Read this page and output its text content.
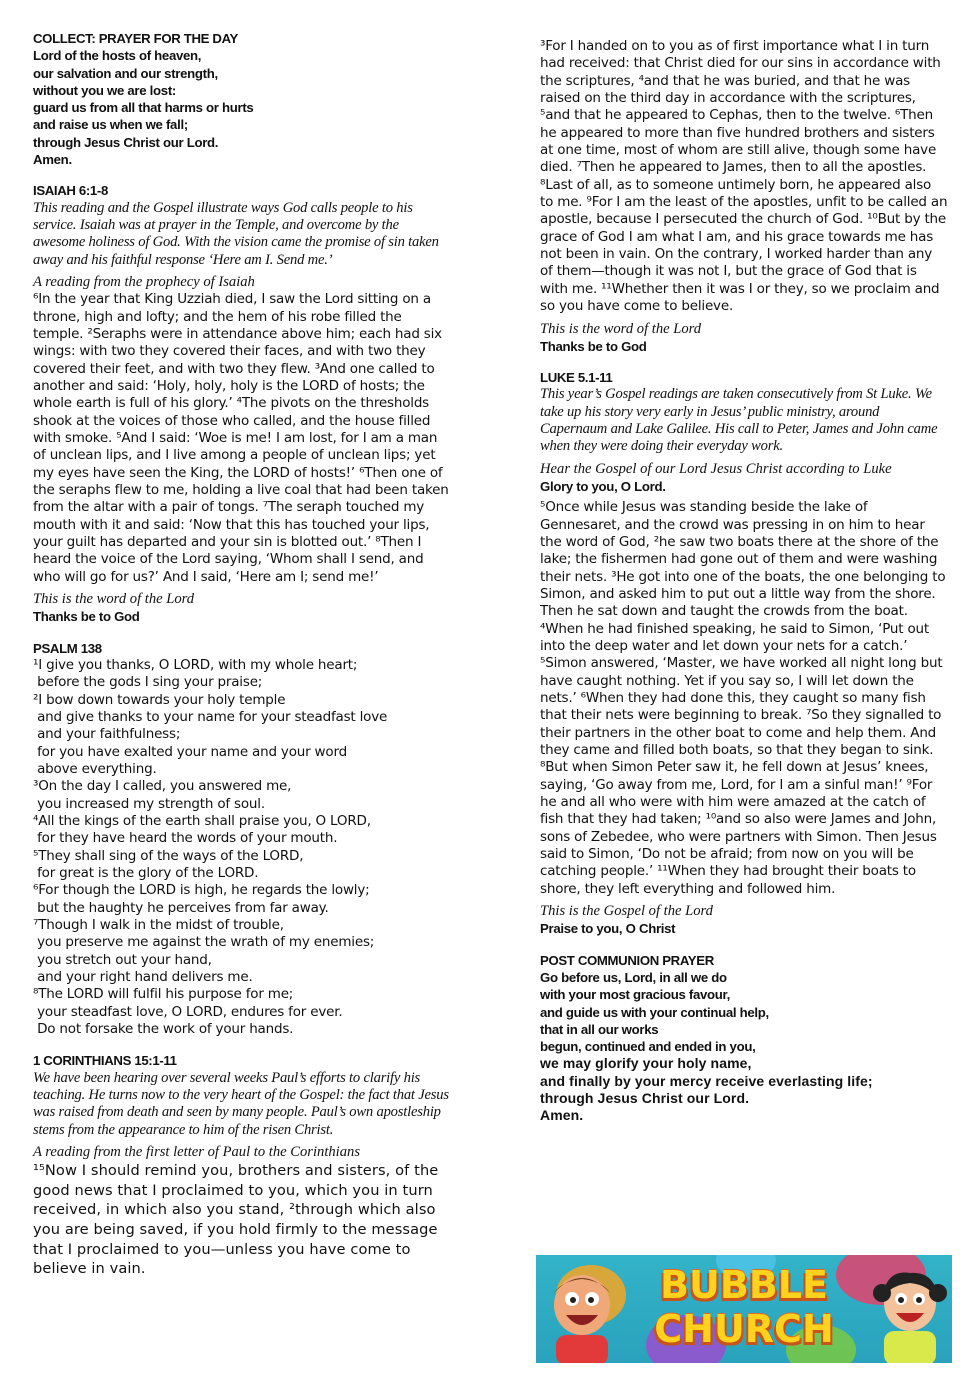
COLLECT: PRAYER FOR THE DAY
Lord of the hosts of heaven,
our salvation and our strength,
without you we are lost:
guard us from all that harms or hurts
and raise us when we fall;
through Jesus Christ our Lord.
Amen.
ISAIAH 6:1-8
This reading and the Gospel illustrate ways God calls people to his service. Isaiah was at prayer in the Temple, and overcome by the awesome holiness of God. With the vision came the promise of sin taken away and his faithful response ‘Here am I. Send me.’
A reading from the prophecy of Isaiah
⁶In the year that King Uzziah died, I saw the Lord sitting on a throne, high and lofty; and the hem of his robe filled the temple. ²Seraphs were in attendance above him; each had six wings: with two they covered their faces, and with two they covered their feet, and with two they flew. ³And one called to another and said: ‘Holy, holy, holy is the LORD of hosts; the whole earth is full of his glory.’ ⁴The pivots on the thresholds shook at the voices of those who called, and the house filled with smoke. ⁵And I said: ‘Woe is me! I am lost, for I am a man of unclean lips, and I live among a people of unclean lips; yet my eyes have seen the King, the LORD of hosts!’ ⁶Then one of the seraphs flew to me, holding a live coal that had been taken from the altar with a pair of tongs. ⁷The seraph touched my mouth with it and said: ‘Now that this has touched your lips, your guilt has departed and your sin is blotted out.’ ⁸Then I heard the voice of the Lord saying, ‘Whom shall I send, and who will go for us?’ And I said, ‘Here am I; send me!’
This is the word of the Lord
Thanks be to God
PSALM 138
¹I give you thanks, O LORD, with my whole heart;
before the gods I sing your praise;
²I bow down towards your holy temple
and give thanks to your name for your steadfast love
and your faithfulness;
for you have exalted your name and your word
above everything.
³On the day I called, you answered me,
you increased my strength of soul.
⁴All the kings of the earth shall praise you, O LORD,
for they have heard the words of your mouth.
⁵They shall sing of the ways of the LORD,
for great is the glory of the LORD.
⁶For though the LORD is high, he regards the lowly;
but the haughty he perceives from far away.
⁷Though I walk in the midst of trouble,
you preserve me against the wrath of my enemies;
you stretch out your hand,
and your right hand delivers me.
⁸The LORD will fulfil his purpose for me;
your steadfast love, O LORD, endures for ever.
Do not forsake the work of your hands.
1 CORINTHIANS 15:1-11
We have been hearing over several weeks Paul’s efforts to clarify his teaching. He turns now to the very heart of the Gospel: the fact that Jesus was raised from death and seen by many people. Paul’s own apostleship stems from the appearance to him of the risen Christ.
A reading from the first letter of Paul to the Corinthians
¹⁵Now I should remind you, brothers and sisters, of the good news that I proclaimed to you, which you in turn received, in which also you stand, ²through which also you are being saved, if you hold firmly to the message that I proclaimed to you—unless you have come to believe in vain.
³For I handed on to you as of first importance what I in turn had received: that Christ died for our sins in accordance with the scriptures, ⁴and that he was buried, and that he was raised on the third day in accordance with the scriptures, ⁵and that he appeared to Cephas, then to the twelve. ⁶Then he appeared to more than five hundred brothers and sisters at one time, most of whom are still alive, though some have died. ⁷Then he appeared to James, then to all the apostles. ⁸Last of all, as to someone untimely born, he appeared also to me. ⁹For I am the least of the apostles, unfit to be called an apostle, because I persecuted the church of God. ¹⁰But by the grace of God I am what I am, and his grace towards me has not been in vain. On the contrary, I worked harder than any of them—though it was not I, but the grace of God that is with me. ¹¹Whether then it was I or they, so we proclaim and so you have come to believe.
This is the word of the Lord
Thanks be to God
LUKE 5.1-11
This year’s Gospel readings are taken consecutively from St Luke. We take up his story very early in Jesus’ public ministry, around Capernaum and Lake Galilee. His call to Peter, James and John came when they were doing their everyday work.
Hear the Gospel of our Lord Jesus Christ according to Luke
Glory to you, O Lord.
⁵Once while Jesus was standing beside the lake of Gennesaret, and the crowd was pressing in on him to hear the word of God, ²he saw two boats there at the shore of the lake; the fishermen had gone out of them and were washing their nets. ³He got into one of the boats, the one belonging to Simon, and asked him to put out a little way from the shore. Then he sat down and taught the crowds from the boat. ⁴When he had finished speaking, he said to Simon, ‘Put out into the deep water and let down your nets for a catch.’ ⁵Simon answered, ‘Master, we have worked all night long but have caught nothing. Yet if you say so, I will let down the nets.’ ⁶When they had done this, they caught so many fish that their nets were beginning to break. ⁷So they signalled to their partners in the other boat to come and help them. And they came and filled both boats, so that they began to sink. ⁸But when Simon Peter saw it, he fell down at Jesus’ knees, saying, ‘Go away from me, Lord, for I am a sinful man!’ ⁹For he and all who were with him were amazed at the catch of fish that they had taken; ¹⁰and so also were James and John, sons of Zebedee, who were partners with Simon. Then Jesus said to Simon, ‘Do not be afraid; from now on you will be catching people.’ ¹¹When they had brought their boats to shore, they left everything and followed him.
This is the Gospel of the Lord
Praise to you, O Christ
POST COMMUNION PRAYER
Go before us, Lord, in all we do
with your most gracious favour,
and guide us with your continual help,
that in all our works
begun, continued and ended in you,
we may glorify your holy name,
and finally by your mercy receive everlasting life;
through Jesus Christ our Lord.
Amen.
BUBBLE
CHURCH
